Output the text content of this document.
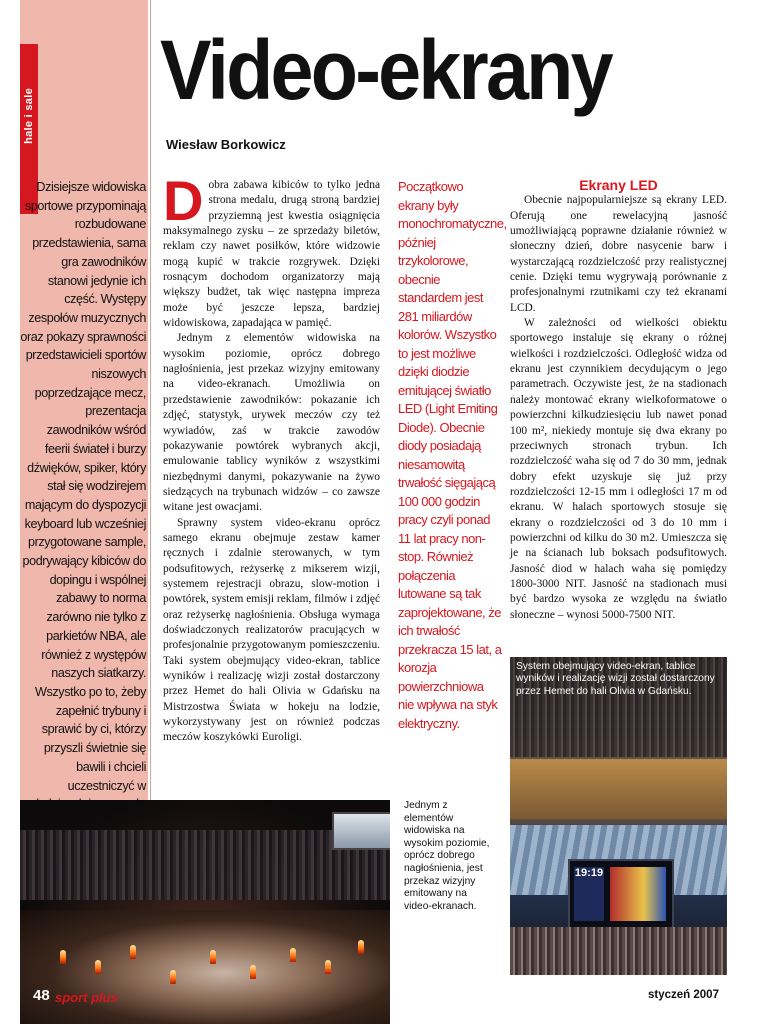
hale i sale Video-ekrany
Wiesław Borkowicz

Dzisiejsze widowiska sportowe przypominają rozbudowane przedstawienia, sama gra zawodników stanowi jedynie ich część. Występy zespołów muzycznych oraz pokazy sprawności przedstawicieli sportów niszowych poprzedzające mecz, prezentacja zawodników wśród feerii świateł i burzy dźwięków, spiker, który stał się wodzirejem mającym do dyspozycji keyboard lub wcześniej przygotowane sample, podrywający kibiców do dopingu i wspólnej zabawy to norma zarówno nie tylko z parkietów NBA, ale również z występów naszych siatkarzy. Wszystko po to, żeby zapełnić trybuny i sprawić by ci, którzy przyszli świetnie się bawili i chcieli uczestniczyć w

Dobra zabawa kibiców to tylko jedna strona medalu, drugą stroną bardziej przyziemną jest kwestia osiągnięcia maksymalnego zysku – ze sprzedaży biletów, reklam czy nawet posiłków, które widzowie mogą kupić w trakcie rozgrywek. Dzięki rosnącym dochodom organizatorzy mają większy budżet, tak więc następna impreza może być jeszcze lepsza, bardziej widowiskowa, zapadająca w pamięć.

Jednym z elementów widowiska na wysokim poziomie, oprócz dobrego nagłośnienia, jest przekaz wizyjny emitowany na video-ekranach. Umożliwia on przedstawienie zawodników: pokazanie ich zdjęć, statystyk, urywek meczów czy też wywiadów, zaś w trakcie zawodów pokazywanie powtórek wybranych akcji, emulowanie tablicy wyników z wszystkimi niezbędnymi danymi, pokazywanie na żywo siedzących na trybunach widzów – co zawsze witane jest owacjami.

Sprawny system video-ekranu oprócz samego ekranu obejmuje zestaw kamer ręcznych i zdalnie sterowanych, w tym podsufitowych, reżyserkę z mikserem wizji, systemem rejestracji obrazu, slow-motion i powtórek, system emisji reklam, filmów i zdjęć oraz reżyserkę nagłośnienia. Obsługa wymaga doświadczonych realizatorów pracujących w profesjonalnie przygotowanym pomieszczeniu. Taki system obejmujący video-ekran, tablice wyników i realizację wizji został dostarczony przez Hemet do hali Olivia w Gdańsku na Mistrzostwa Świata w hokeju na lodzie, wykorzystywany jest on również podczas meczów koszykówki Euroligi.

Początkowo ekrany były monochromatyczne, później trzykolorowe, obecnie standardem jest 281 miliardów kolorów. Wszystko to jest możliwe dzięki diodzie emitującej światło LED (Light Emiting Diode). Obecnie diody posiadają niesamowitą trwałość sięgającą 100 000 godzin pracy czyli ponad 11 lat pracy non-stop. Również połączenia lutowane są tak zaprojektowane, że ich trwałość przekracza 15 lat, a korozja powierzchniowa nie wpływa na styk elektryczny.

Ekrany LED

Obecnie najpopularniejsze są ekrany LED. Oferują one rewelacyjną jasność umożliwiającą poprawne działanie również w słoneczny dzień, dobre nasycenie barw i wystarczającą rozdzielczość przy realistycznej cenie. Dzięki temu wygrywają porównanie z profesjonalnymi rzutnikami czy też ekranami LCD.

W zależności od wielkości obiektu sportowego instaluje się ekrany o różnej wielkości i rozdzielczości. Odległość widza od ekranu jest czynnikiem decydującym o jego parametrach. Oczywiste jest, że na stadionach należy montować ekrany wielkoformatowe o powierzchni kilkudziesięciu lub nawet ponad 100 m², niekiedy montuje się dwa ekrany po przeciwnych stronach trybun. Ich rozdzielczość waha się od 7 do 30 mm, jednak dobry efekt uzyskuje się już przy rozdzielczości 12-15 mm i odległości 17 m od ekranu. W halach sportowych stosuje się ekrany o rozdzielczości od 3 do 10 mm i powierzchni od kilku do 30 m2. Umieszcza się je na ścianach lub boksach podsufitowych. Jasność diod w halach waha się pomiędzy 1800-3000 NIT. Jasność na stadionach musi być bardzo wysoka ze względu na światło słoneczne – wynosi 5000-7500 NIT.

19:19
System obejmujący video-ekran, tablice wyników i realizację wizji został dostarczony przez Hemet do hali Olivia w Gdańsku.
Jednym z elementów widowiska na wysokim poziomie, oprócz dobrego nagłośnienia, jest przekaz wizyjny emitowany na video-ekranach.
48 sport plus	styczeń 2007
